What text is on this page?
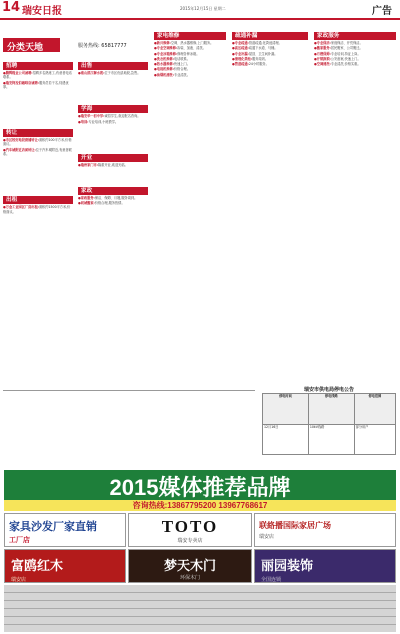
14 瑞安日报	2015年12月15日 星期二	广告
分类天地	服务热线: 65817777
招聘
●腾辉鞋业公司诚聘:招聘多名熟练工,有意者电话联系。
●瑞安阿拉伯咖啡店诚聘:服务员若干名,待遇优厚。
转让
●市区较好地段商铺转让:面积约100平方米,价格面议。
●汽车城附近店面转让:位于汽车城附近,有意者联系。
出租
●万金工业园区厂房出租:面积约1500平方米,价格面议。
出售
●南山滨江御水苑:位于市区优质地段,急售。
学海
●瑞安华一初中学:诚招学生,欢迎报名咨询。
●培训:专业培训,小班教学。
开业
●瑞州家门市:隆重开业,欢迎光临。
家政
●家政服务:保洁、保姆、月嫂,服务周到。
●同城搬家:价格合理,服务热情。
家电维修
●新兴维修:空调、热水器维修,上门服务。
●专业空调维修:拆装、加液、清洗。
●专业冰箱维修:修理各种冰箱。
●洗衣机维修:电话联系。
●热水器维修:快速上门。
●电视机维修:价格合理。
●油烟机清洗:专业清洗。
疏通补漏
●专业疏通:管道疏通,化粪池清理。
●高压疏通:疏通下水道、马桶。
●专业补漏:屋顶、卫生间补漏。
●清理化粪池:服务周到。
●管道疏通:24小时服务。
家政服务
●专业保洁:家庭保洁、开荒保洁。
●搬家服务:居民搬家、公司搬迁。
●月嫂保姆:专业培训,持证上岗。
●开锁换锁:公安备案,快速上门。
●空调清洗:专业清洗,价格实惠。
瑞安市供电局停电公告
停电时间	停电线路	停电范围
12月16日	10kV线路	部分用户
2015媒体推荐品牌
咨询热线:13867795200 13967768617
家具沙发厂家直销
工厂店
TOTO
瑞安专卖店
联絡播国际家居广场
瑞安店
富鸥红木
瑞安店
梦天木门
环保木门
丽园装饰
全国连锁
